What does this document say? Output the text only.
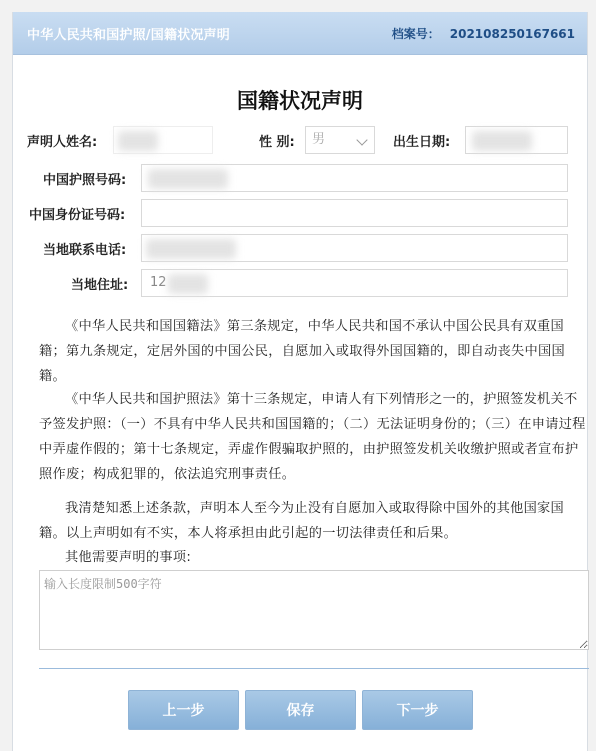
中华人民共和国护照/国籍状况声明	档案号： 2021082501676​61
国籍状况声明
声明人姓名:	性 别:	男	出生日期:
中国护照号码:
中国身份证号码:
当地联系电话:
当地住址:	12

《中华人民共和国国籍法》第三条规定，中华人民共和国不承认中国公民具有双重国籍；第九条规定，定居外国的中国公民，自愿加入或取得外国国籍的，即自动丧失中国国籍。

《中华人民共和国护照法》第十三条规定，申请人有下列情形之一的，护照签发机关不予签发护照：（一）不具有中华人民共和国国籍的；（二）无法证明身份的；（三）在申请过程中弄虚作假的；第十七条规定，弄虚作假骗取护照的，由护照签发机关收缴护照或者宣布护照作废；构成犯罪的，依法追究刑事责任。

我清楚知悉上述条款，声明本人至今为止没有自愿加入或取得除中国外的其他国家国籍。以上声明如有不实，本人将承担由此引起的一切法律责任和后果。

其他需要声明的事项:

输入长度限制500字符
上一步	保存	下一步
